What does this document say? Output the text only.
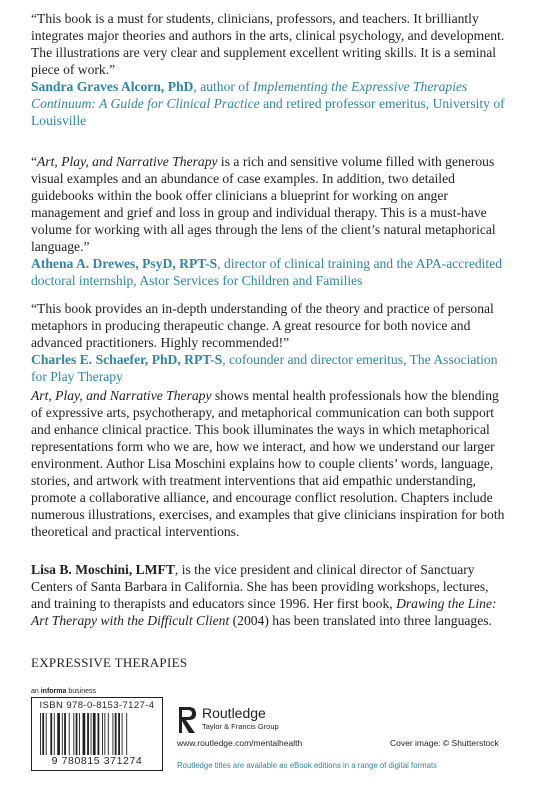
“This book is a must for students, clinicians, professors, and teachers. It brilliantly integrates major theories and authors in the arts, clinical psychology, and development. The illustrations are very clear and supplement excellent writing skills. It is a seminal piece of work.”
Sandra Graves Alcorn, PhD, author of Implementing the Expressive Therapies Continuum: A Guide for Clinical Practice and retired professor emeritus, University of Louisville
“Art, Play, and Narrative Therapy is a rich and sensitive volume filled with generous visual examples and an abundance of case examples. In addition, two detailed guidebooks within the book offer clinicians a blueprint for working on anger management and grief and loss in group and individual therapy. This is a must-have volume for working with all ages through the lens of the client’s natural metaphorical language.”
Athena A. Drewes, PsyD, RPT-S, director of clinical training and the APA-accredited doctoral internship, Astor Services for Children and Families
“This book provides an in-depth understanding of the theory and practice of personal metaphors in producing therapeutic change. A great resource for both novice and advanced practitioners. Highly recommended!”
Charles E. Schaefer, PhD, RPT-S, cofounder and director emeritus, The Association for Play Therapy
Art, Play, and Narrative Therapy shows mental health professionals how the blending of expressive arts, psychotherapy, and metaphorical communication can both support and enhance clinical practice. This book illuminates the ways in which metaphorical representations form who we are, how we interact, and how we understand our larger environment. Author Lisa Moschini explains how to couple clients’ words, language, stories, and artwork with treatment interventions that aid empathic understanding, promote a collaborative alliance, and encourage conflict resolution. Chapters include numerous illustrations, exercises, and examples that give clinicians inspiration for both theoretical and practical interventions.
Lisa B. Moschini, LMFT, is the vice president and clinical director of Sanctuary Centers of Santa Barbara in California. She has been providing workshops, lectures, and training to therapists and educators since 1996. Her first book, Drawing the Line: Art Therapy with the Difficult Client (2004) has been translated into three languages.
EXPRESSIVE THERAPIES
an informa business
ISBN 978-0-8153-7127-4
9 780815 371274
Routledge
Taylor & Francis Group
www.routledge.com/mentalhealth	Cover image: © Shutterstock
Routledge titles are available as eBook editions in a range of digital formats
